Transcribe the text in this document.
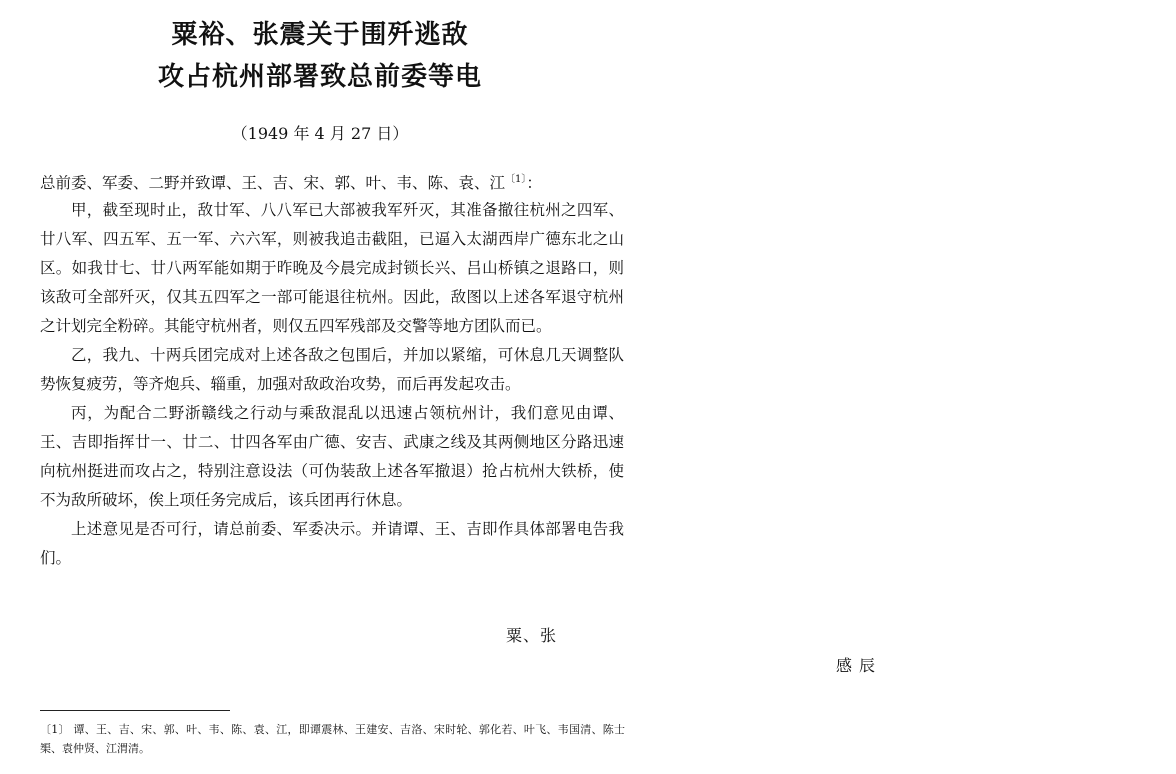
粟裕、张震关于围歼逃敌
攻占杭州部署致总前委等电

（1949 年 4 月 27 日）

总前委、军委、二野并致谭、王、吉、宋、郭、叶、韦、陈、袁、江$^{〔1〕}$：

甲，截至现时止，敌廿军、八八军已大部被我军歼灭，其准备撤往杭州之四军、廿八军、四五军、五一军、六六军，则被我追击截阻，已逼入太湖西岸广德东北之山区。如我廿七、廿八两军能如期于昨晚及今晨完成封锁长兴、吕山桥镇之退路口，则该敌可全部歼灭，仅其五四军之一部可能退往杭州。因此，敌图以上述各军退守杭州之计划完全粉碎。其能守杭州者，则仅五四军残部及交警等地方团队而已。

乙，我九、十两兵团完成对上述各敌之包围后，并加以紧缩，可休息几天调整队势恢复疲劳，等齐炮兵、辎重，加强对敌政治攻势，而后再发起攻击。

丙，为配合二野浙赣线之行动与乘敌混乱以迅速占领杭州计，我们意见由谭、王、吉即指挥廿一、廿二、廿四各军由广德、安吉、武康之线及其两侧地区分路迅速向杭州挺进而攻占之，特别注意设法（可伪装敌上述各军撤退）抢占杭州大铁桥，使不为敌所破坏，俟上项任务完成后，该兵团再行休息。

上述意见是否可行，请总前委、军委决示。并请谭、王、吉即作具体部署电告我们。

粟、张
感 辰
〔1〕 谭、王、吉、宋、郭、叶、韦、陈、袁、江，即谭震林、王建安、吉洛、宋时轮、郭化若、叶飞、韦国清、陈士榘、袁仲贤、江渭清。
